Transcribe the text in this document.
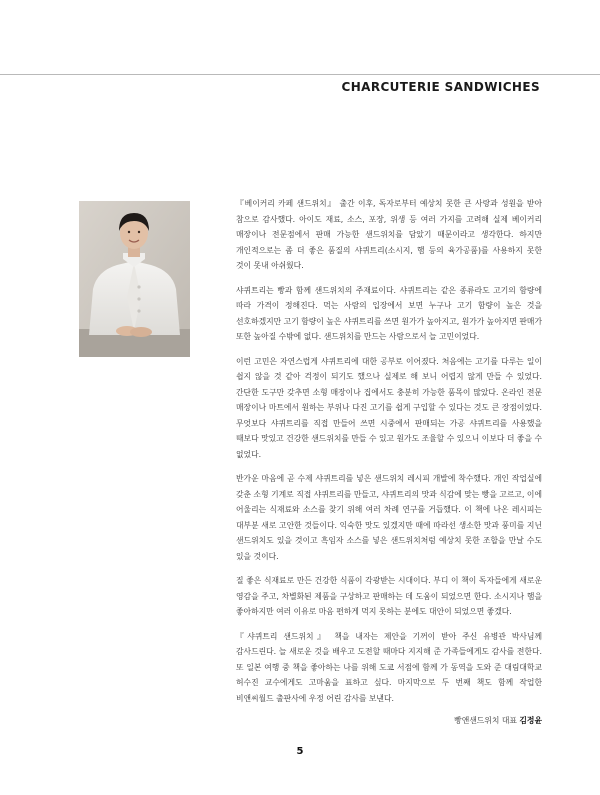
CHARCUTERIE SANDWICHES

『베이커리 카페 샌드위치』 출간 이후, 독자로부터 예상치 못한 큰 사랑과 성원을 받아 참으로 감사했다. 아이도 재료, 소스, 포장, 위생 등 여러 가지를 고려해 실제 베이커리 매장이나 전문점에서 판매 가능한 샌드위치를 담았기 때문이라고 생각한다. 하지만 개인적으로는 좀 더 좋은 품질의 샤퀴트리(소시지, 햄 등의 육가공품)를 사용하지 못한 것이 못내 아쉬웠다.

샤퀴트리는 빵과 함께 샌드위치의 주재료이다. 샤퀴트리는 같은 종류라도 고기의 함량에 따라 가격이 정해진다. 먹는 사람의 입장에서 보면 누구나 고기 함량이 높은 것을 선호하겠지만 고기 함량이 높은 샤퀴트리를 쓰면 원가가 높아지고, 원가가 높아지면 판매가 또한 높아질 수밖에 없다. 샌드위치를 만드는 사람으로서 늘 고민이었다.

이런 고민은 자연스럽게 샤퀴트리에 대한 공부로 이어졌다. 처음에는 고기를 다루는 일이 쉽지 않을 것 같아 걱정이 되기도 했으나 실제로 해 보니 어렵지 않게 만들 수 있었다. 간단한 도구만 갖추면 소형 매장이나 집에서도 충분히 가능한 품목이 많았다. 온라인 전문 매장이나 마트에서 원하는 부위나 다진 고기를 쉽게 구입할 수 있다는 것도 큰 장점이었다. 무엇보다 샤퀴트리를 직접 만들어 쓰면 시중에서 판매되는 가공 샤퀴트리를 사용했을 때보다 맛있고 건강한 샌드위치를 만들 수 있고 원가도 조율할 수 있으니 이보다 더 좋을 수 없었다.

반가운 마음에 곧 수제 샤퀴트리를 넣은 샌드위치 레시피 개발에 착수했다. 개인 작업실에 갖춘 소형 기계로 직접 샤퀴트리를 만들고, 샤퀴트리의 맛과 식감에 맞는 빵을 고르고, 이에 어울리는 식재료와 소스를 찾기 위해 여러 차례 연구를 거듭했다. 이 책에 나온 레시피는 대부분 새로 고안한 것들이다. 익숙한 맛도 있겠지만 때에 따라선 생소한 맛과 풍미를 지닌 샌드위치도 있을 것이고 흑임자 소스를 넣은 샌드위치처럼 예상치 못한 조합을 만날 수도 있을 것이다.

질 좋은 식재료로 만든 건강한 식품이 각광받는 시대이다. 부디 이 책이 독자들에게 새로운 영감을 주고, 차별화된 제품을 구상하고 판매하는 데 도움이 되었으면 한다. 소시지나 햄을 좋아하지만 여러 이유로 마음 편하게 먹지 못하는 분에도 대안이 되었으면 좋겠다.

『샤퀴트리 샌드위치』 책을 내자는 제안을 기꺼이 받아 주신 유병관 박사님께 감사드린다. 늘 새로운 것을 배우고 도전할 때마다 지지해 준 가족들에게도 감사를 전한다. 또 일본 여행 중 책을 좋아하는 나를 위해 도쿄 서점에 함께 가 동역을 도와 준 대림대학교 허수진 교수에게도 고마움을 표하고 싶다. 마지막으로 두 번째 책도 함께 작업한 비앤씨월드 출판사에 우정 어린 감사를 보낸다.

빵앤샌드위치 대표 김정윤
5
